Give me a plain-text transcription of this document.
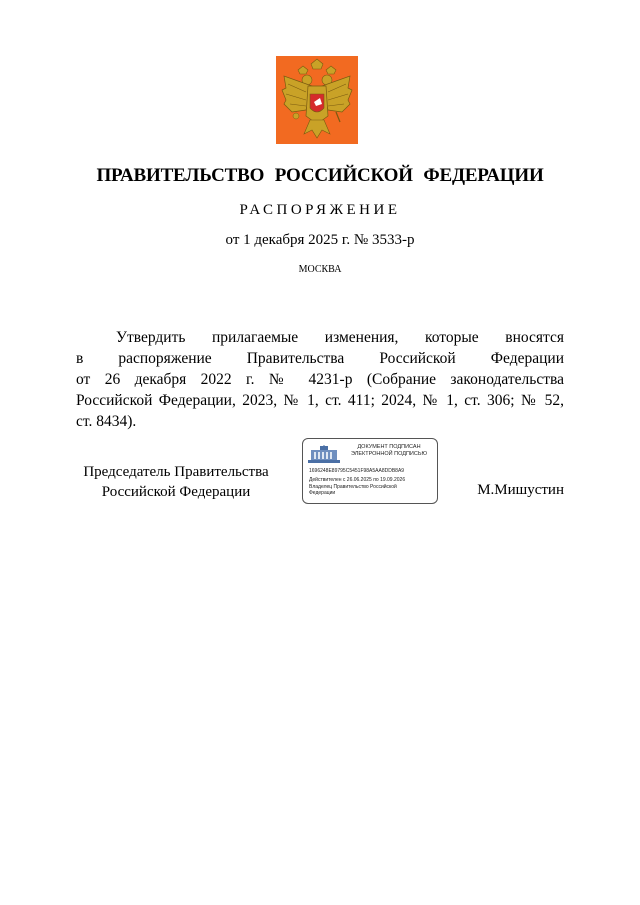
ПРАВИТЕЛЬСТВО РОССИЙСКОЙ ФЕДЕРАЦИИ
РАСПОРЯЖЕНИЕ
от 1 декабря 2025 г. № 3533-р
МОСКВА
Утвердить прилагаемые изменения, которые вносятся
в распоряжение Правительства Российской Федерации
от 26 декабря 2022 г. № 4231-р (Собрание законодательства
Российской Федерации, 2023, № 1, ст. 411; 2024, № 1, ст. 306; № 52,
ст. 8434).
Председатель Правительства
Российской Федерации
ДОКУМЕНТ ПОДПИСАН
ЭЛЕКТРОННОЙ ПОДПИСЬЮ
1696248E89795C5451F98A5AA8DDB8A9
Действителен с 26.06.2025 по 19.09.2026
Владелец Правительство Российской
Федерации	М.Мишустин
